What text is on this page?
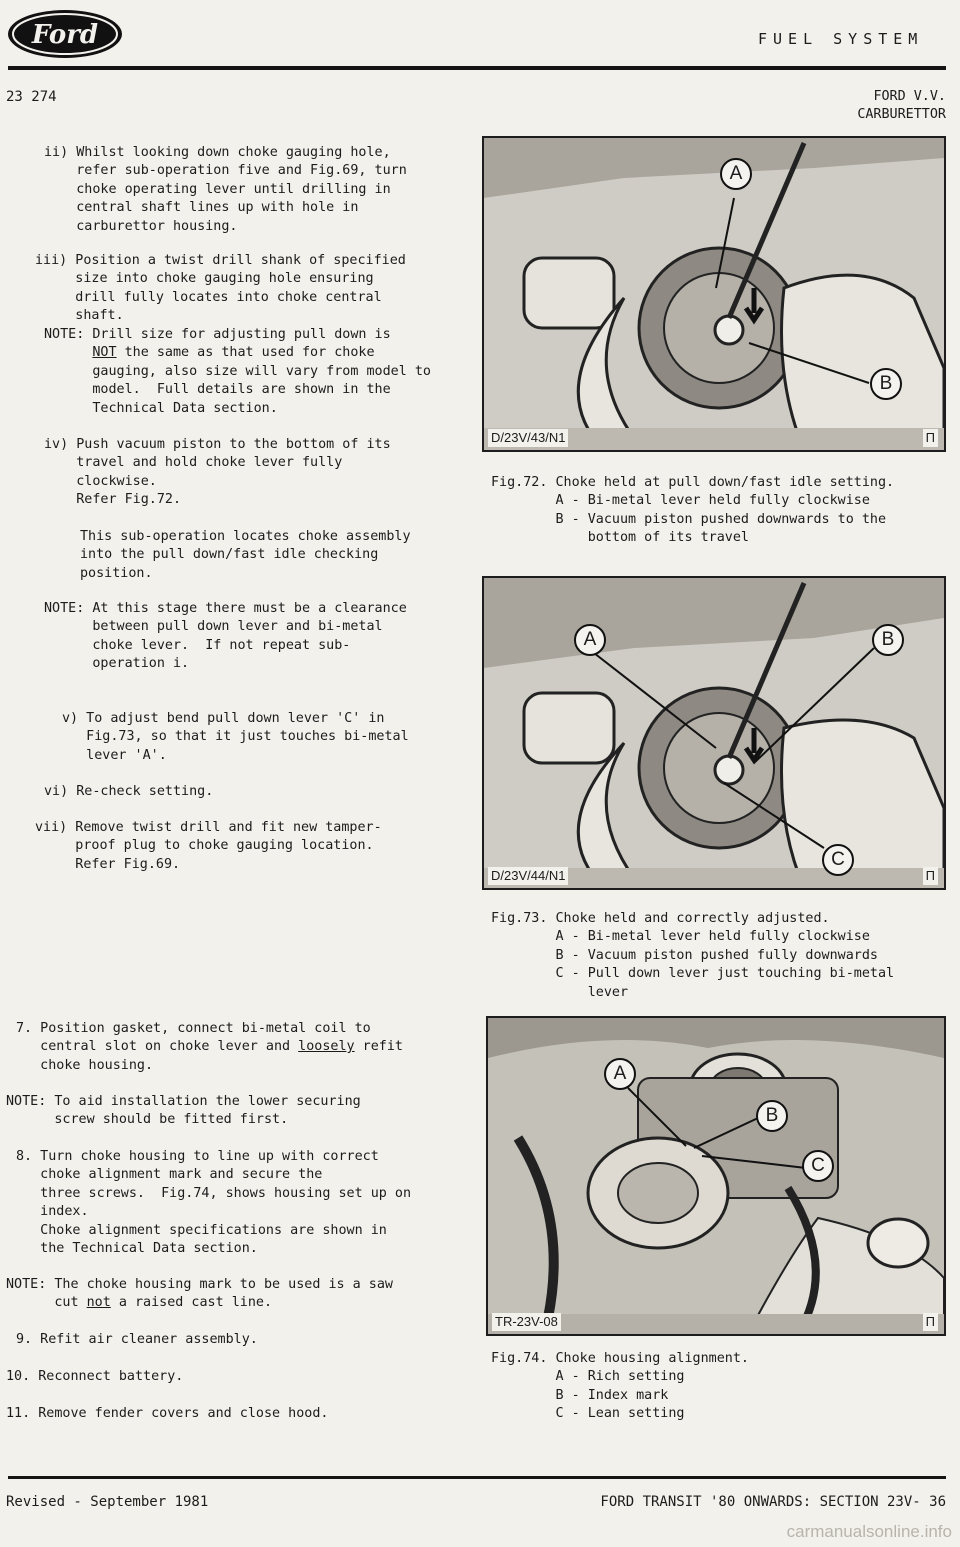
Ford	FUEL SYSTEM
23 274	FORD V.V.
CARBURETTOR
ii) Whilst looking down choke gauging hole,
refer sub-operation five and Fig.69, turn
choke operating lever until drilling in
central shaft lines up with hole in
carburettor housing.
iii) Position a twist drill shank of specified
size into choke gauging hole ensuring
drill fully locates into choke central
shaft.
NOTE: Drill size for adjusting pull down is
NOT the same as that used for choke
gauging, also size will vary from model to
model.  Full details are shown in the
Technical Data section.
iv) Push vacuum piston to the bottom of its
travel and hold choke lever fully
clockwise.
Refer Fig.72.
This sub-operation locates choke assembly
into the pull down/fast idle checking
position.
NOTE: At this stage there must be a clearance
between pull down lever and bi-metal
choke lever.  If not repeat sub-
operation i.
v) To adjust bend pull down lever 'C' in
Fig.73, so that it just touches bi-metal
lever 'A'.
vi) Re-check setting.
vii) Remove twist drill and fit new tamper-
proof plug to choke gauging location.
Refer Fig.69.
7. Position gasket, connect bi-metal coil to
central slot on choke lever and loosely refit
choke housing.
NOTE: To aid installation the lower securing
screw should be fitted first.
8. Turn choke housing to line up with correct
choke alignment mark and secure the
three screws.  Fig.74, shows housing set up on
index.
Choke alignment specifications are shown in
the Technical Data section.
NOTE: The choke housing mark to be used is a saw
cut not a raised cast line.
9. Refit air cleaner assembly.
10. Reconnect battery.
11. Remove fender covers and close hood.
A
B
D/23V/43/N1	Π
Fig.72. Choke held at pull down/fast idle setting.
A - Bi-metal lever held fully clockwise
B - Vacuum piston pushed downwards to the
bottom of its travel
A	B
C
D/23V/44/N1	Π
Fig.73. Choke held and correctly adjusted.
A - Bi-metal lever held fully clockwise
B - Vacuum piston pushed fully downwards
C - Pull down lever just touching bi-metal
lever
A
B
C
TR-23V-08	Π
Fig.74. Choke housing alignment.
A - Rich setting
B - Index mark
C - Lean setting
Revised - September 1981	FORD TRANSIT '80 ONWARDS: SECTION 23V- 36
carmanualsonline.info
